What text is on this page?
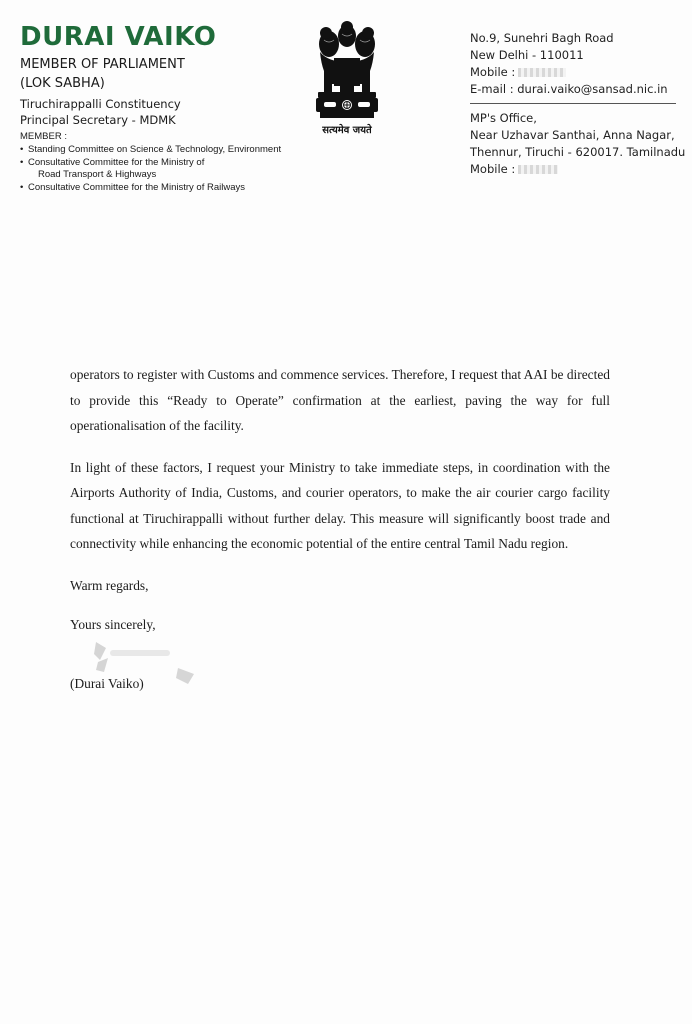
DURAI VAIKO
MEMBER OF PARLIAMENT
(LOK SABHA)
Tiruchirappalli Constituency
Principal Secretary - MDMK
MEMBER :
• Standing Committee on Science & Technology, Environment
• Consultative Committee for the Ministry of
Road Transport & Highways
• Consultative Committee for the Ministry of Railways
सत्यमेव जयते
No.9, Sunehri Bagh Road
New Delhi - 110011
Mobile :
E-mail : durai.vaiko@sansad.nic.in
MP's Office,
Near Uzhavar Santhai, Anna Nagar,
Thennur, Tiruchi - 620017. Tamilnadu
Mobile :

operators to register with Customs and commence services. Therefore, I request that AAI be directed to provide this “Ready to Operate” confirmation at the earliest, paving the way for full operationalisation of the facility.

In light of these factors, I request your Ministry to take immediate steps, in coordination with the Airports Authority of India, Customs, and courier operators, to make the air courier cargo facility functional at Tiruchirappalli without further delay. This measure will significantly boost trade and connectivity while enhancing the economic potential of the entire central Tamil Nadu region.

Warm regards,

Yours sincerely,

(Durai Vaiko)
